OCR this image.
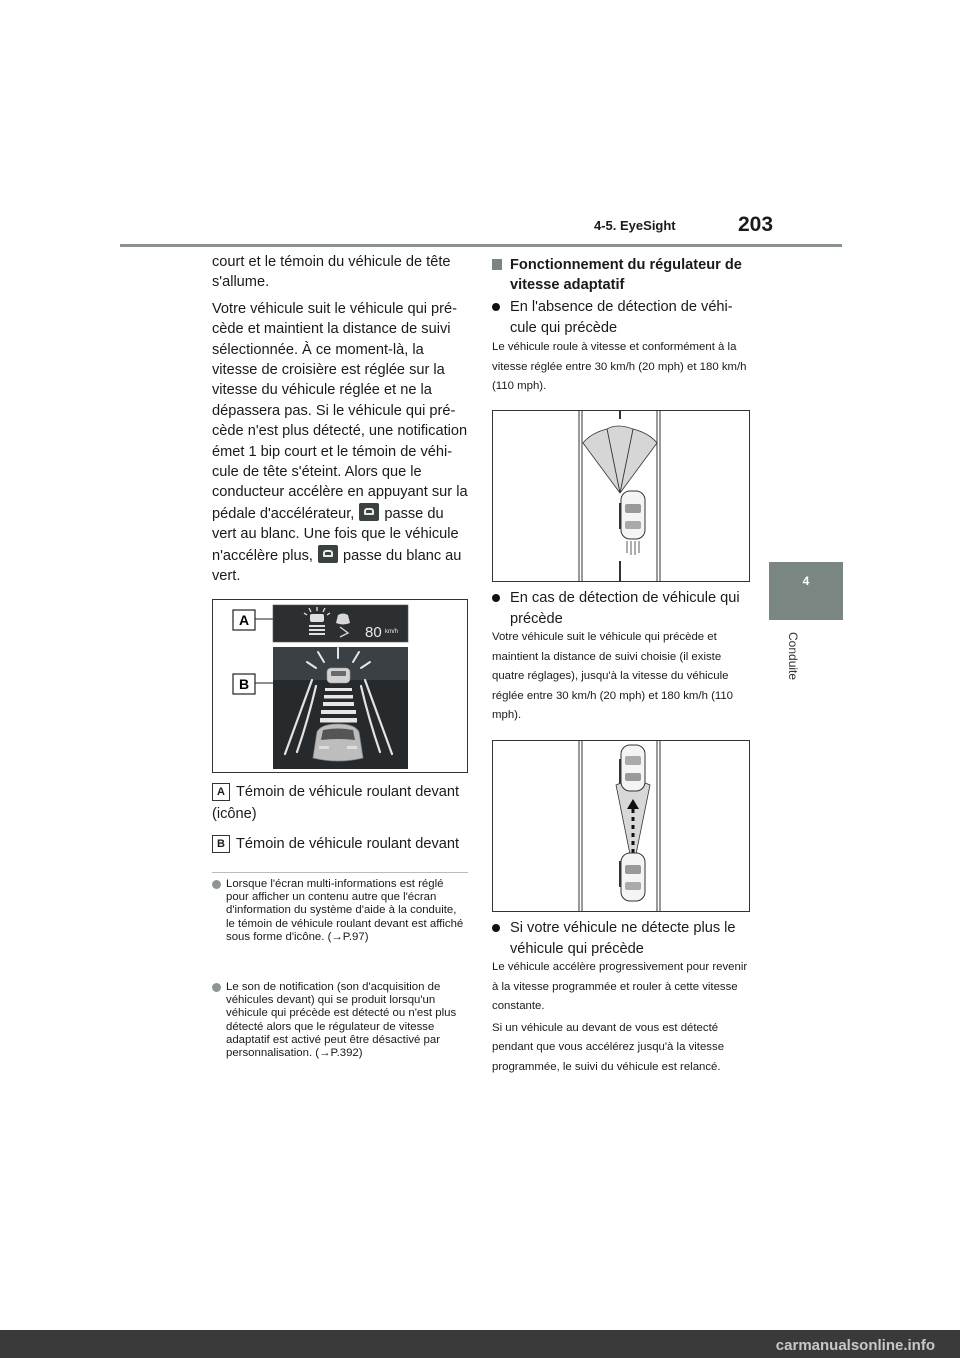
4-5. EyeSight	203
4
Conduite

court et le témoin du véhicule de tête s'allume.

Votre véhicule suit le véhicule qui pré-cède et maintient la distance de suivi sélectionnée. À ce moment-là, la vitesse de croisière est réglée sur la vitesse du véhicule réglée et ne la dépassera pas. Si le véhicule qui pré-cède n'est plus détecté, une notification émet 1 bip court et le témoin de véhi-cule de tête s'éteint. Alors que le conducteur accélère en appuyant sur la pédale d'accélérateur, passe du vert au blanc. Une fois que le véhicule n'accélère plus, passe du blanc au vert.

A
B
80 km/h
A Témoin de véhicule roulant devant (icône)
B Témoin de véhicule roulant devant
Lorsque l'écran multi-informations est réglé pour afficher un contenu autre que l'écran d'information du système d'aide à la conduite, le témoin de véhicule roulant devant est affiché sous forme d'icône. (→P.97)
Le son de notification (son d'acquisition de véhicules devant) qui se produit lorsqu'un véhicule qui précède est détecté ou n'est plus détecté alors que le régulateur de vitesse adaptatif est activé peut être désactivé par personnalisation. (→P.392)
Fonctionnement du régulateur de vitesse adaptatif
En l'absence de détection de véhi-cule qui précède

Le véhicule roule à vitesse et conformément à la vitesse réglée entre 30 km/h (20 mph) et 180 km/h (110 mph).

En cas de détection de véhicule qui précède

Votre véhicule suit le véhicule qui précède et maintient la distance de suivi choisie (il existe quatre réglages), jusqu'à la vitesse du véhicule réglée entre 30 km/h (20 mph) et 180 km/h (110 mph).

Si votre véhicule ne détecte plus le véhicule qui précède

Le véhicule accélère progressivement pour revenir à la vitesse programmée et rouler à cette vitesse constante.

Si un véhicule au devant de vous est détecté pendant que vous accélérez jusqu'à la vitesse programmée, le suivi du véhicule est relancé.

carmanualsonline.info
